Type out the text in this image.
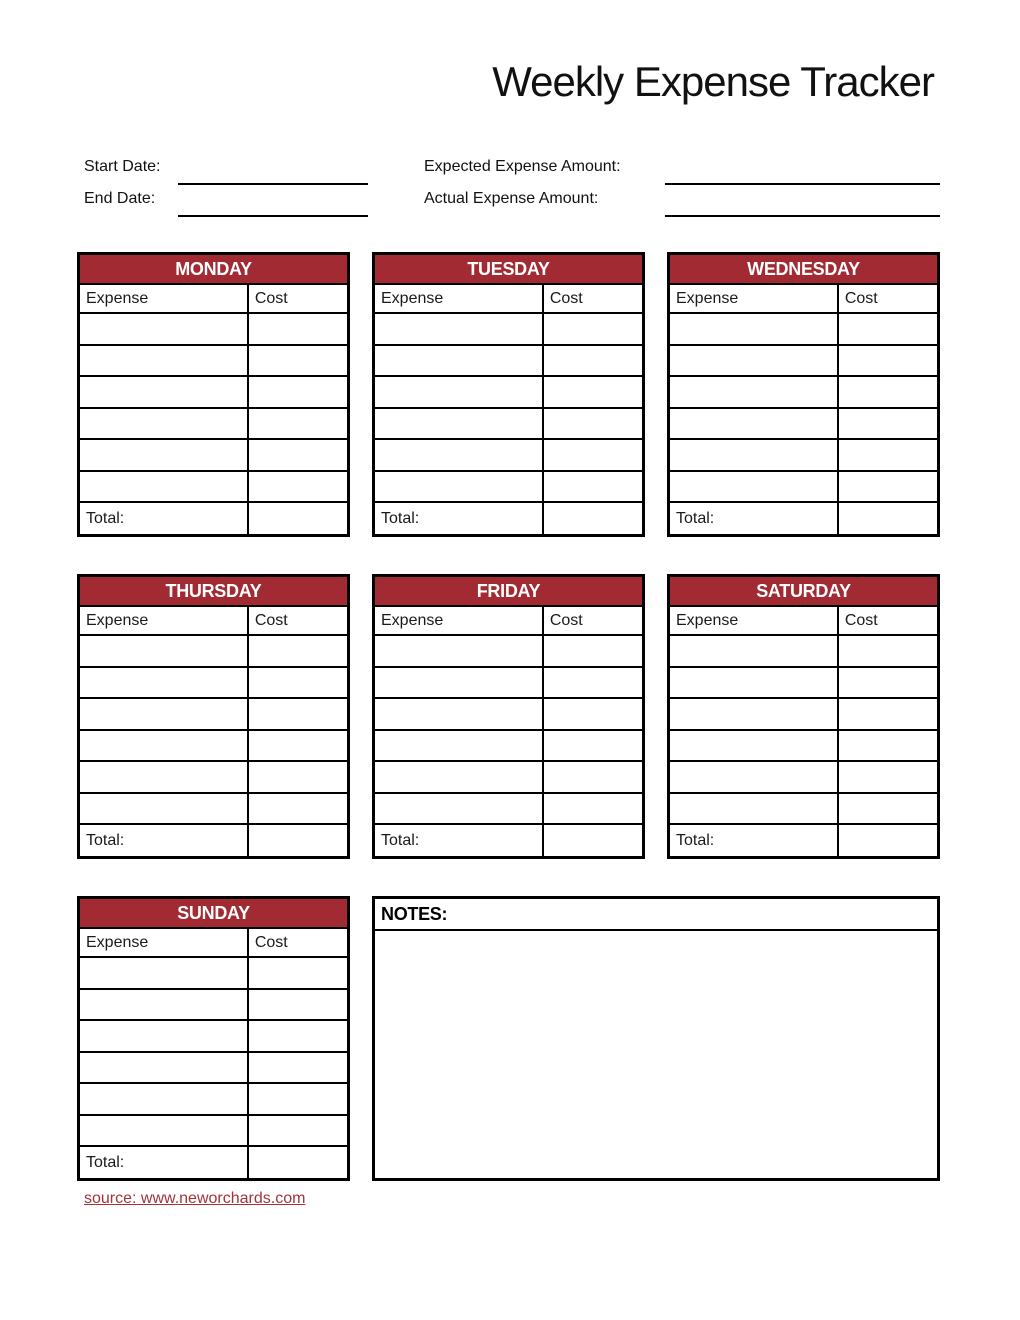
Weekly Expense Tracker
Start Date:	Expected Expense Amount:
End Date:	Actual Expense Amount:
MONDAY
Expense	Cost
Total:
TUESDAY
Expense	Cost
Total:
WEDNESDAY
Expense	Cost
Total:
THURSDAY
Expense	Cost
Total:
FRIDAY
Expense	Cost
Total:
SATURDAY
Expense	Cost
Total:
SUNDAY
Expense	Cost
Total:
NOTES:
source: www.neworchards.com
